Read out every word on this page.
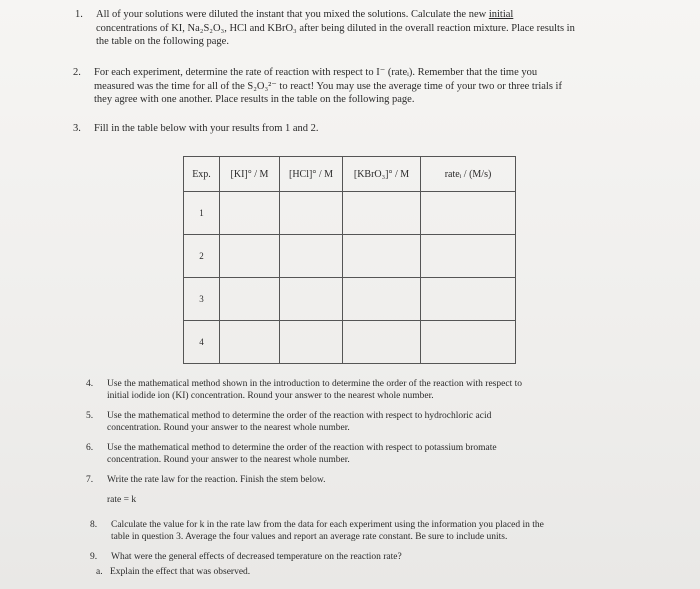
1. All of your solutions were diluted the instant that you mixed the solutions. Calculate the new initial
concentrations of KI, Na₂S₂O₃, HCl and KBrO₃ after being diluted in the overall reaction mixture. Place results in
the table on the following page.
2. For each experiment, determine the rate of reaction with respect to I⁻ (rateᵢ). Remember that the time you
measured was the time for all of the S₂O₃²⁻ to react! You may use the average time of your two or three trials if
they agree with one another. Place results in the table on the following page.
3. Fill in the table below with your results from 1 and 2.
Exp.	[KI]° / M	[HCl]° / M	[KBrO₃]° / M	rateᵢ / (M/s)
1				
2				
3				
4				
4. Use the mathematical method shown in the introduction to determine the order of the reaction with respect to
initial iodide ion (KI) concentration. Round your answer to the nearest whole number.
5. Use the mathematical method to determine the order of the reaction with respect to hydrochloric acid
concentration. Round your answer to the nearest whole number.
6. Use the mathematical method to determine the order of the reaction with respect to potassium bromate
concentration. Round your answer to the nearest whole number.
7. Write the rate law for the reaction. Finish the stem below.
rate = k
8. Calculate the value for k in the rate law from the data for each experiment using the information you placed in the
table in question 3. Average the four values and report an average rate constant. Be sure to include units.
9. What were the general effects of decreased temperature on the reaction rate?
a. Explain the effect that was observed.
